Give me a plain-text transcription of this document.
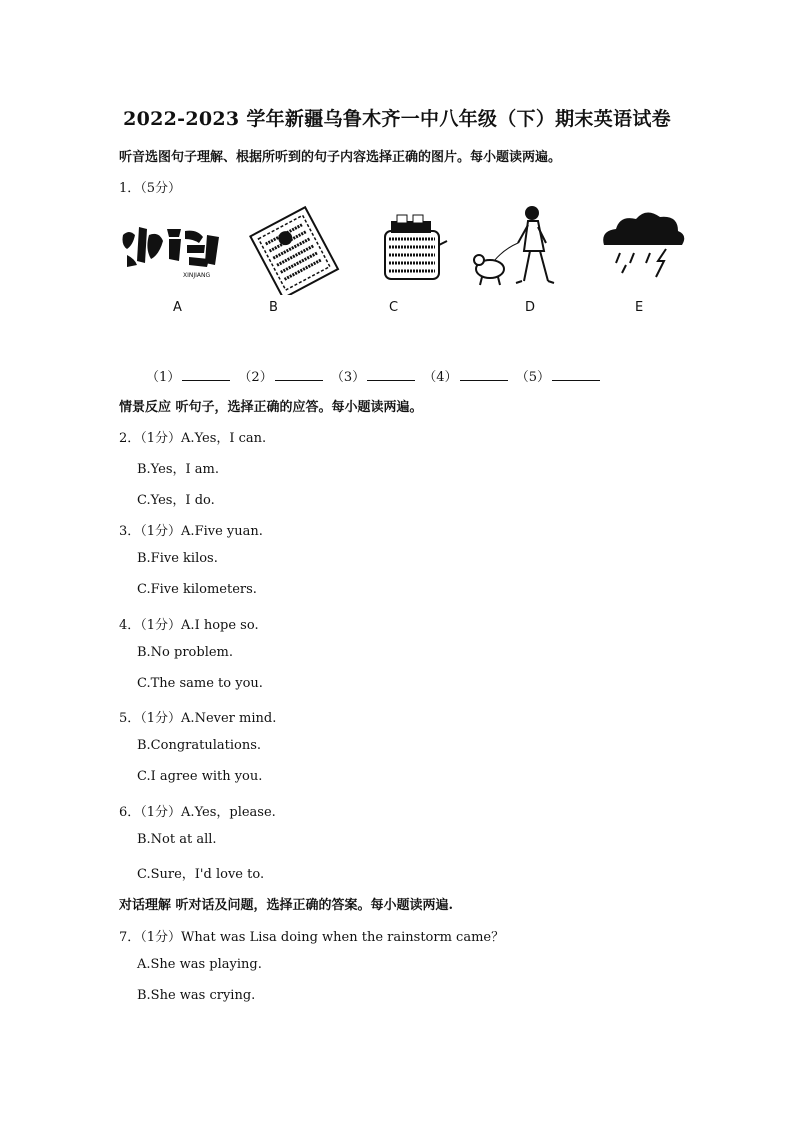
2022-2023 学年新疆乌鲁木齐一中八年级（下）期末英语试卷
听音选图句子理解、根据所听到的句子内容选择正确的图片。每小题读两遍。
1．（5分）
XINJIANG
A	B	C	D	E
（1）	（2）	（3）	（4）	（5）
情景反应 听句子，选择正确的应答。每小题读两遍。
2．（1分）A.Yes，I can.
B.Yes，I am.
C.Yes，I do.
3．（1分）A.Five yuan.
B.Five kilos.
C.Five kilometers.
4．（1分）A.I hope so.
B.No problem.
C.The same to you.
5．（1分）A.Never mind.
B.Congratulations.
C.I agree with you.
6．（1分）A.Yes，please.
B.Not at all.
C.Sure，I'd love to.
对话理解 听对话及问题，选择正确的答案。每小题读两遍.
7．（1分）What was Lisa doing when the rainstorm came？
A.She was playing.
B.She was crying.
